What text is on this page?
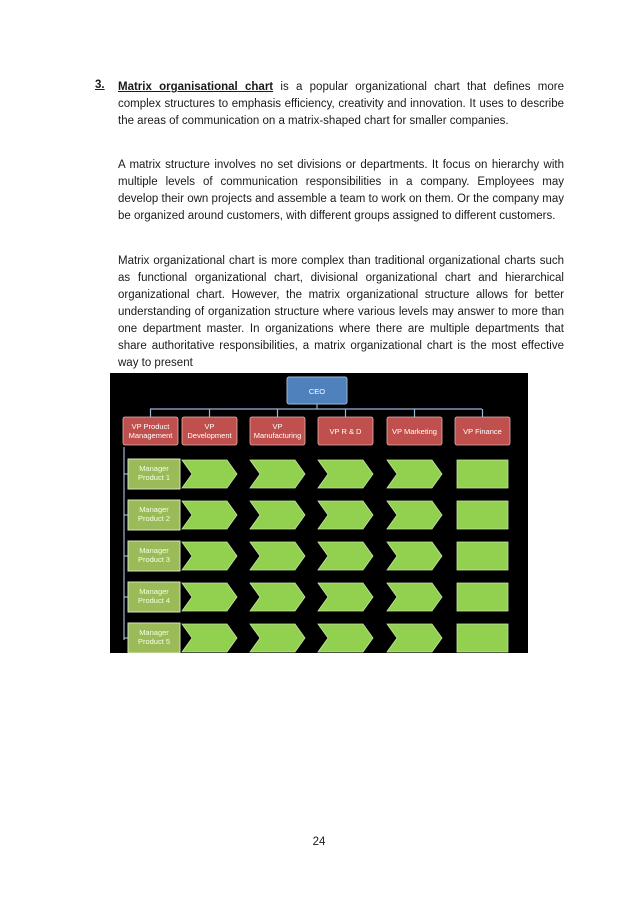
3. Matrix organisational chart is a popular organizational chart that defines more complex structures to emphasis efficiency, creativity and innovation. It uses to describe the areas of communication on a matrix-shaped chart for smaller companies.

A matrix structure involves no set divisions or departments. It focus on hierarchy with multiple levels of communication responsibilities in a company. Employees may develop their own projects and assemble a team to work on them. Or the company may be organized around customers, with different groups assigned to different customers.

Matrix organizational chart is more complex than traditional organizational charts such as functional organizational chart, divisional organizational chart and hierarchical organizational chart. However, the matrix organizational structure allows for better understanding of organization structure where various levels may answer to more than one department master. In organizations where there are multiple departments that share authoritative responsibilities, a matrix organizational chart is the most effective way to present

CEO
VP Product
Management
VP
Development
VP
Manufacturing	VP R & D	VP Marketing	VP Finance
Manager
Product 1
Manager
Product 2
Manager
Product 3
Manager
Product 4
Manager
Product 5
24
